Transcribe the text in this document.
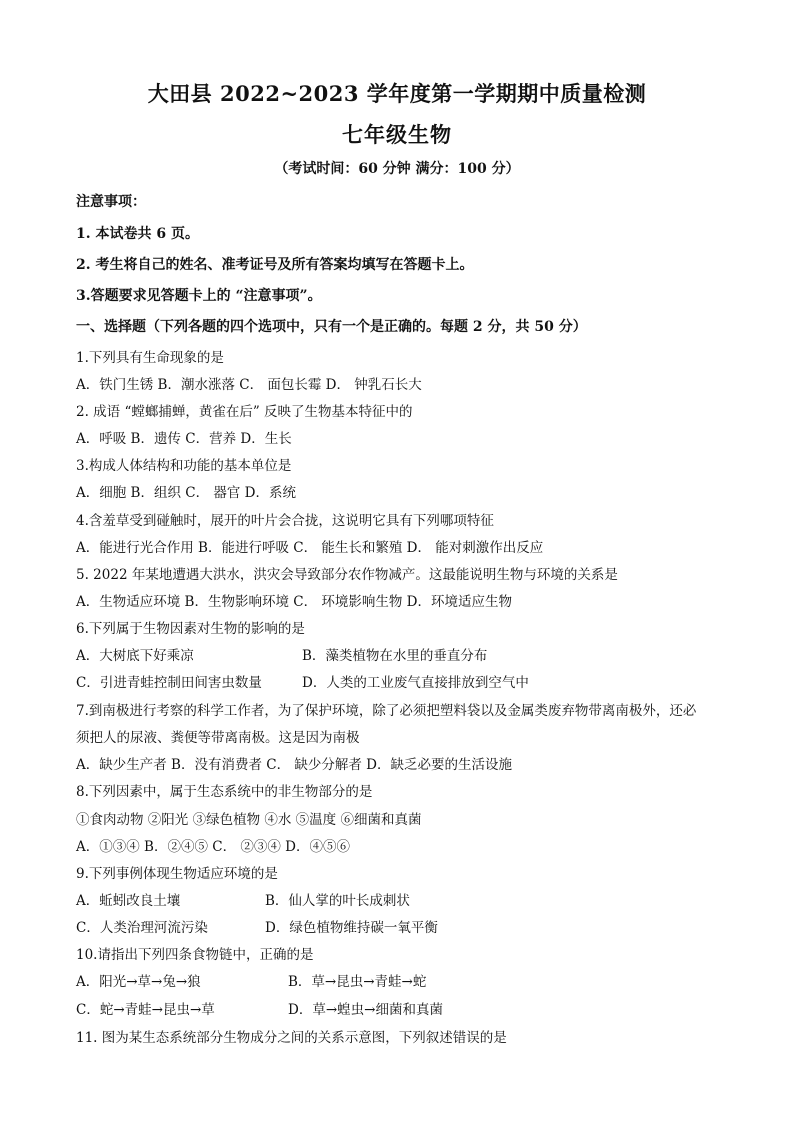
大田县 2022~2023 学年度第一学期期中质量检测
七年级生物
（考试时间：60 分钟 满分：100 分）
注意事项：
1. 本试卷共 6 页。
2. 考生将自己的姓名、准考证号及所有答案均填写在答题卡上。
3.答题要求见答题卡上的 “注意事项”。
一、选择题（下列各题的四个选项中，只有一个是正确的。每题 2 分，共 50 分）
1.下列具有生命现象的是
A．铁门生锈 B．潮水涨落 C． 面包长霉 D． 钟乳石长大
2. 成语 “螳螂捕蝉，黄雀在后” 反映了生物基本特征中的
A．呼吸 B．遗传 C．营养 D．生长
3.构成人体结构和功能的基本单位是
A．细胞 B．组织 C． 器官 D．系统
4.含羞草受到碰触时，展开的叶片会合拢，这说明它具有下列哪项特征
A．能进行光合作用 B．能进行呼吸 C． 能生长和繁殖 D． 能对刺激作出反应
5. 2022 年某地遭遇大洪水，洪灾会导致部分农作物减产。这最能说明生物与环境的关系是
A．生物适应环境 B．生物影响环境 C． 环境影响生物 D．环境适应生物
6.下列属于生物因素对生物的影响的是
A．大树底下好乘凉	B．藻类植物在水里的垂直分布
C．引进青蛙控制田间害虫数量	D．人类的工业废气直接排放到空气中
7.到南极进行考察的科学工作者，为了保护环境，除了必须把塑料袋以及金属类废弃物带离南极外，还必
须把人的尿液、粪便等带离南极。这是因为南极
A．缺少生产者 B．没有消费者 C． 缺少分解者 D．缺乏必要的生活设施
8.下列因素中，属于生态系统中的非生物部分的是
①食肉动物 ②阳光 ③绿色植物 ④水 ⑤温度 ⑥细菌和真菌
A．①③④ B．②④⑤ C． ②③④ D．④⑤⑥
9.下列事例体现生物适应环境的是
A．蚯蚓改良土壤	B．仙人掌的叶长成刺状
C．人类治理河流污染	D．绿色植物维持碳一氧平衡
10.请指出下列四条食物链中，正确的是
A．阳光→草→兔→狼	B．草→昆虫→青蛙→蛇
C．蛇→青蛙→昆虫→草	D．草→蝗虫→细菌和真菌
11. 图为某生态系统部分生物成分之间的关系示意图，下列叙述错误的是
